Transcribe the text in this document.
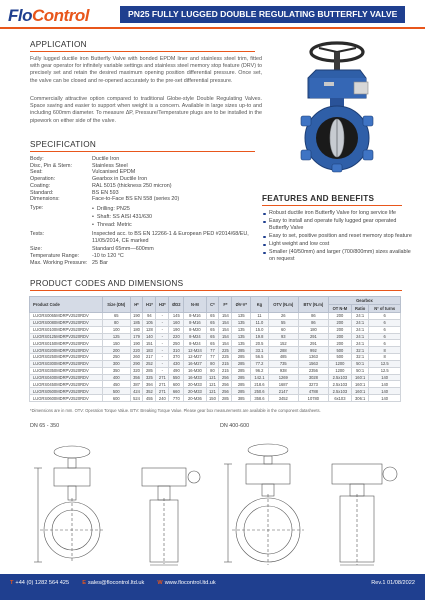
FloControl	PN25 FULLY LUGGED DOUBLE REGULATING BUTTERFLY VALVE
APPLICATION

Fully lugged ductile iron Butterfly Valve with bonded EPDM liner and stainless steel trim, fitted with gear operator for infinitely variable settings and stainless steel memory stop feature (DRV) to precisely set and retain the desired maximum opening position differential pressure. Once set, the valve can be closed and re-opened accurately to the pre-set differential pressure.

Commercially attractive option compared to traditional Globe-style Double Regulating Valves. Space saving and easier to support when weight is a concern. Available in large sizes up-to and including 600mm diameter. To measure ΔP, Pressure/Temperature plugs are to be installed in the pipework on either side of the valve.

SPECIFICATION
Body:	Ductile Iron
Disc, Pin & Stem:	Stainless Steel
Seat:	Vulcanised EPDM
Operation:	Gearbox in Ductile Iron
Coating:	RAL 5015 (thickness 250 micron)
Standard:	BS EN 593
Dimensions:	Face-to-Face BS EN 558 (series 20)
Type:	• Drilling: PN25
• Shaft: SS AISI 431/630
• Thread: Metric
Tests:	Inspected acc. to BS EN 12266-1 & European PED #2014/68/EU, 11/05/2014, CE marked
Size:	Standard 65mm—600mm
Temperature Range:	-10 to 120 °C
Max. Working Pressure: 25 Bar
FEATURES AND BENEFITS
Robust ductile iron Butterfly Valve for long service life
Easy to install and operate fully lugged gear operated Butterfly Valve
Easy to set, positive position and reset memory stop feature
Light weight and low cost
Smaller (40/50mm) and larger (700/800mm) sizes available on request
PRODUCT CODES AND DIMENSIONS
Product Code	Size (DN)	H*	H1*	H3*	ØD2	N-M	C*	F*	ØV-V*	Kg	OTV (N.m)	BTV (N.m)	Gearbox		
													OT N-M	Ratio	N° of turns
LUGRS0065MDRPV2520RDV	65	190	94	-	145	8-M16	65	154	135	11	26	86	200	24:1	6
LUGRS0080MDRPV2520RDV	80	185	105	-	160	8-M16	65	154	135	11.0	55	86	200	24:1	6
LUGRS0100MDRPV2520RDV	100	180	128	-	190	8-M20	65	154	135	15.0	60	180	200	24:1	6
LUGRS0125MDRPV2520RDV	125	179	140	-	220	8-M24	65	154	135	19.8	93	291	200	24:1	6
LUGRS0150MDRPV2520RDV	150	190	151	-	250	8-M24	65	154	135	20.5	152	291	200	24:1	6
LUGRS0200MDRPV2520RDV	200	220	183	-	310	12-M24	77	225	285	33.1	288	992	500	32:1	8
LUGRS0250MDRPV2520RDV	250	260	217	-	370	12-M27	77	225	285	56.5	485	1363	500	32:1	8
LUGRS0300MDRPV2520RDV	300	290	252	-	430	16-M27	80	215	285	77.2	735	1563	1200	50:1	12.5
LUGRS0350MDRPV2520RDV	350	320	285	-	490	16-M30	80	215	285	96.2	938	2356	1200	50:1	12.5
LUGRS0400MDRPV2520RDV	400	356	325	271	550	16-M33	121	256	285	142.1	1269	3028	2.5x103	160:1	140
LUGRS0450MDRPV2520RDV	450	387	394	271	600	20-M33	121	256	285	218.6	1687	3273	2.5x103	160:1	140
LUGRS0500MDRPV2520RDV	500	424	352	271	660	20-M33	121	256	285	250.6	2147	4788	2.5x103	160:1	140
LUGRS0600MDRPV2520RDV	600	524	455	240	770	20-M36	150	285	385	358.6	3452	10780	6x103	306:1	140
*Dimensions are in mm. OTV: Operation Torque Value. BTV: Breaking Torque Value. Please gear box measurements are available in the component datasheets.
DN 65 - 350	DN 400-600
T +44 (0) 1282 564 425 E sales@flocontrol.ltd.uk W www.flocontrol.ltd.uk	Rev.1 01/08/2022
